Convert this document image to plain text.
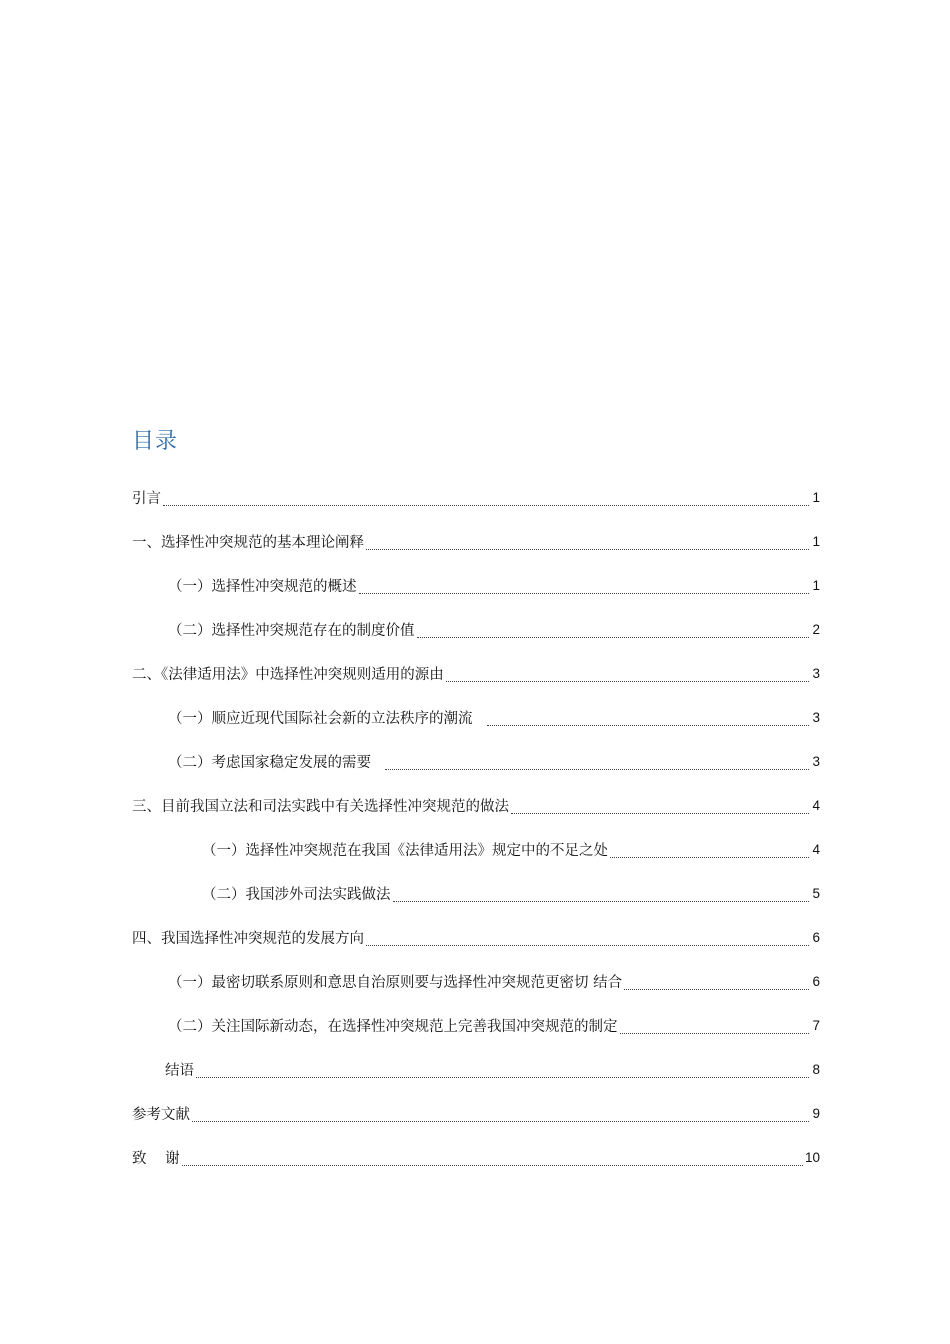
目录
引言	1
一、选择性冲突规范的基本理论阐释	1
（一）选择性冲突规范的概述	1
（二）选择性冲突规范存在的制度价值	2
二、《法律适用法》中选择性冲突规则适用的源由	3
（一）顺应近现代国际社会新的立法秩序的潮流	3
（二）考虑国家稳定发展的需要	3
三、目前我国立法和司法实践中有关选择性冲突规范的做法	4
（一）选择性冲突规范在我国《法律适用法》规定中的不足之处	4
（二）我国涉外司法实践做法	5
四、我国选择性冲突规范的发展方向	6
（一）最密切联系原则和意思自治原则要与选择性冲突规范更密切 结合	6
（二）关注国际新动态，在选择性冲突规范上完善我国冲突规范的制定	7
结语	8
参考文献	9
致 谢	10
